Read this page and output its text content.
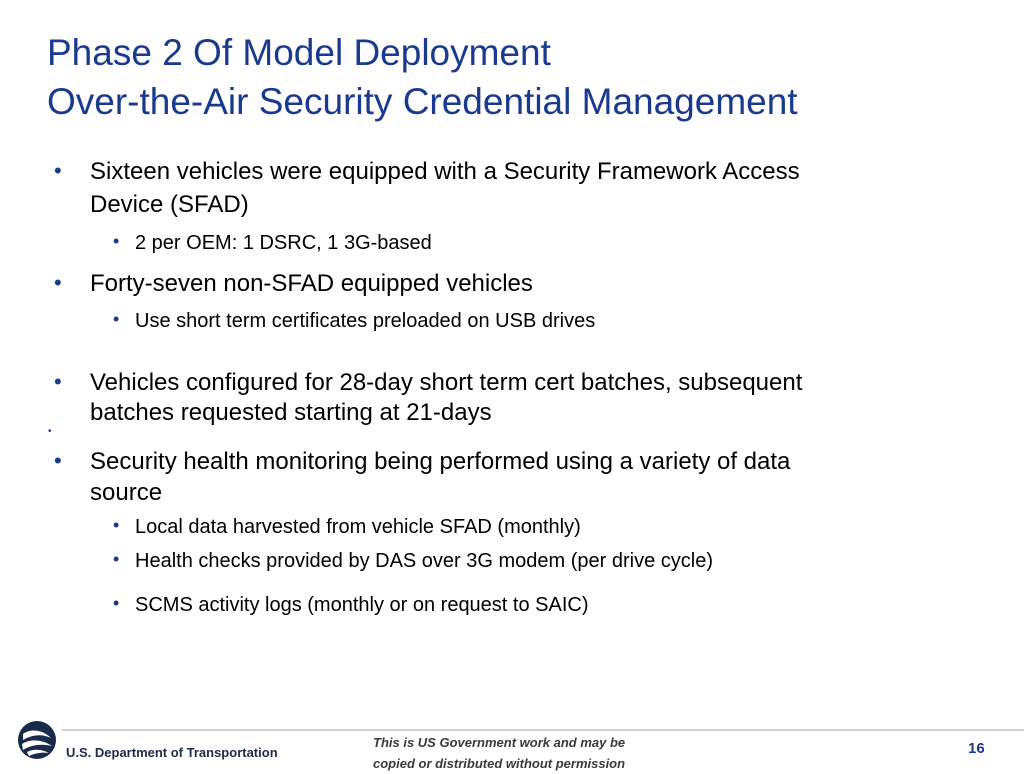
Phase 2 Of Model Deployment
Over-the-Air Security Credential Management
• Sixteen vehicles were equipped with a Security Framework Access
Device (SFAD)
• 2 per OEM: 1 DSRC, 1 3G-based
• Forty-seven non-SFAD equipped vehicles
• Use short term certificates preloaded on USB drives
• Vehicles configured for 28-day short term cert batches, subsequent
batches requested starting at 21-days
•
• Security health monitoring being performed using a variety of data
source
• Local data harvested from vehicle SFAD (monthly)
• Health checks provided by DAS over 3G modem (per drive cycle)
• SCMS activity logs (monthly or on request to SAIC)
U.S. Department of Transportation
This is US Government work and may be
copied or distributed without permission
16
